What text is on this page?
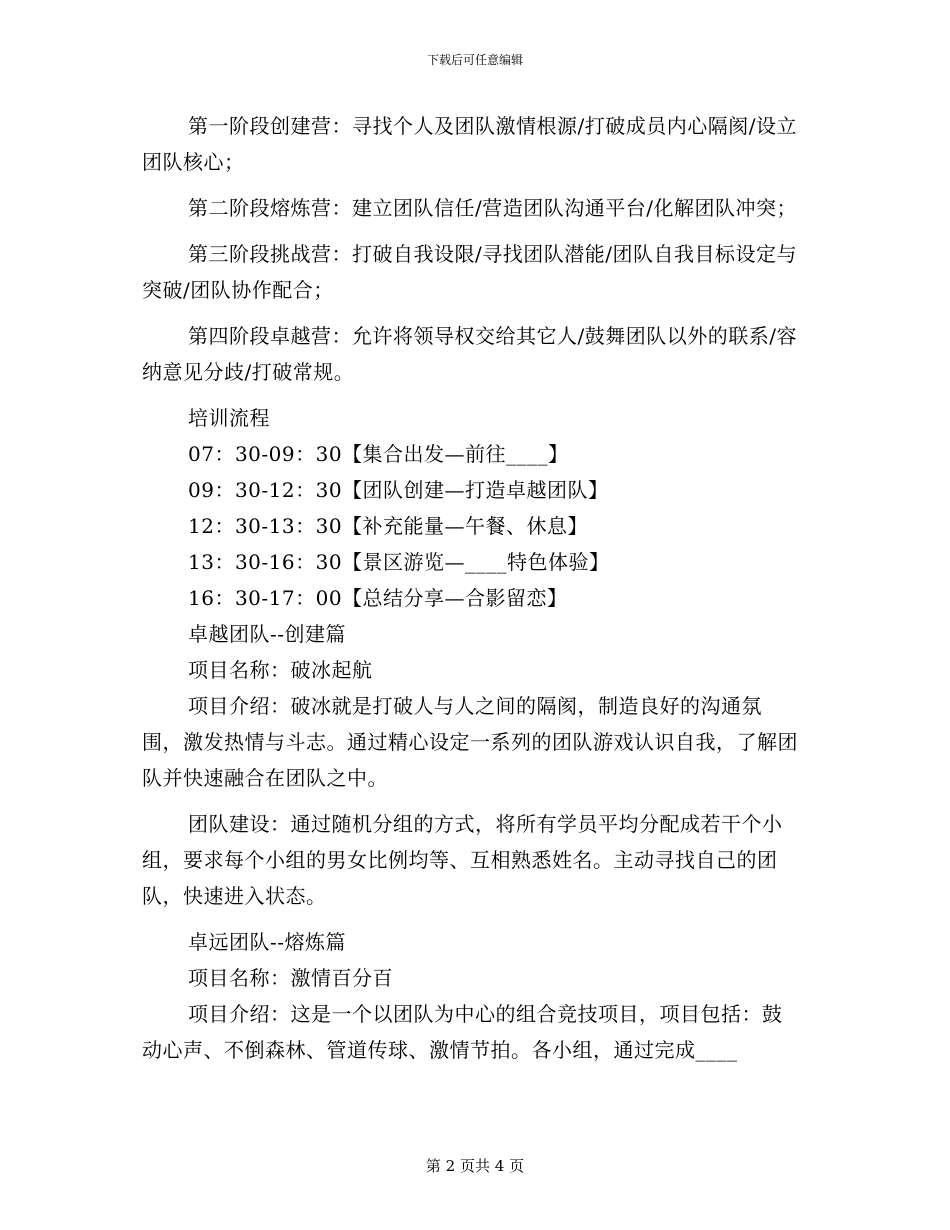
下载后可任意编辑

第一阶段创建营：寻找个人及团队激情根源/打破成员内心隔阂/设立团队核心；

第二阶段熔炼营：建立团队信任/营造团队沟通平台/化解团队冲突；

第三阶段挑战营：打破自我设限/寻找团队潜能/团队自我目标设定与突破/团队协作配合；

第四阶段卓越营：允许将领导权交给其它人/鼓舞团队以外的联系/容纳意见分歧/打破常规。

培训流程

07：30-09：30【集合出发—前往____】

09：30-12：30【团队创建—打造卓越团队】

12：30-13：30【补充能量—午餐、休息】

13：30-16：30【景区游览—____特色体验】

16：30-17：00【总结分享—合影留恋】

卓越团队--创建篇

项目名称：破冰起航

项目介绍：破冰就是打破人与人之间的隔阂，制造良好的沟通氛围，激发热情与斗志。通过精心设定一系列的团队游戏认识自我，了解团队并快速融合在团队之中。

团队建设：通过随机分组的方式，将所有学员平均分配成若干个小组，要求每个小组的男女比例均等、互相熟悉姓名。主动寻找自己的团队，快速进入状态。

卓远团队--熔炼篇

项目名称：激情百分百

项目介绍：这是一个以团队为中心的组合竞技项目，项目包括：鼓动心声、不倒森林、管道传球、激情节拍。各小组，通过完成____

第 2 页共 4 页
